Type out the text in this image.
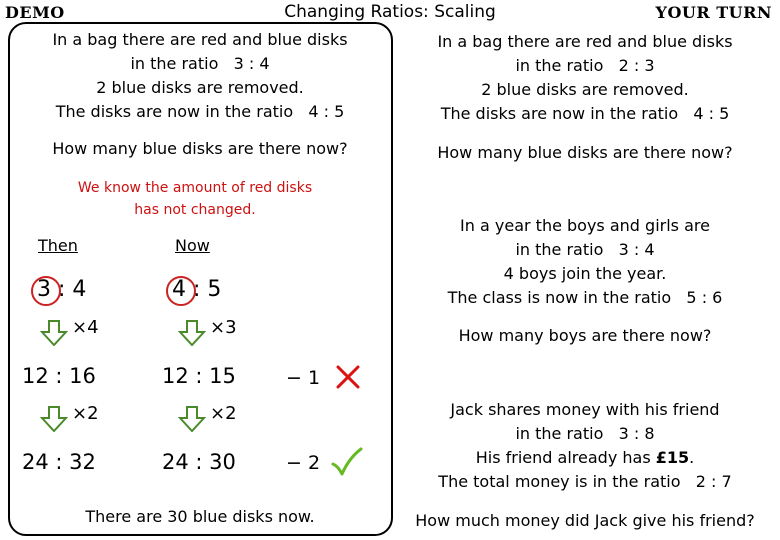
DEMO	Changing Ratios: Scaling	YOUR TURN
In a bag there are red and blue disks
in the ratio   3 : 4
2 blue disks are removed.
The disks are now in the ratio   4 : 5
How many blue disks are there now?
We know the amount of red disks
has not changed.
Then	Now
3 : 4	4 : 5
×4	×3
12 : 16	12 : 15	− 1
×2	×2
24 : 32	24 : 30	− 2
There are 30 blue disks now.
In a bag there are red and blue disks
in the ratio   2 : 3
2 blue disks are removed.
The disks are now in the ratio   4 : 5
How many blue disks are there now?
In a year the boys and girls are
in the ratio   3 : 4
4 boys join the year.
The class is now in the ratio   5 : 6
How many boys are there now?
Jack shares money with his friend
in the ratio   3 : 8
His friend already has £15.
The total money is in the ratio   2 : 7
How much money did Jack give his friend?
